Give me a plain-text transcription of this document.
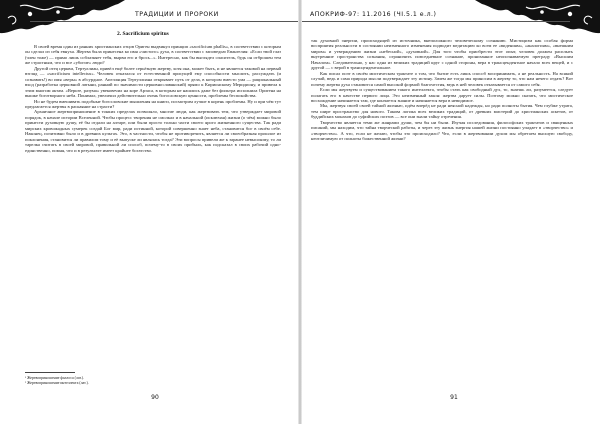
ТРАДИЦИИ И ПРОРОКИ
2. Sacrificium spiritus

В своей время один из ранних христианских отцов Ориген выдвинул принцип «sacrificium phallis», в соответствии с которым он сделал из себя евнуха. Жертва была принесена ко имя «чистого» духа, в соответствии с заповедью Евангелия: «Если твой глаз (член тоже) — прямо лишь соблазняет тебя, вырви его и брось...». Интересно, как бы выглядел спаситель, будь он отброшен тем же страстным, что и все «убогие» люди?

Другой отец церкви, Тертуллиан, привёл ещё более серьёзную жертву, хотя она, может быть, и не является таковой на первый взгляд — «sacrificium intellectus». Человек отказался от естественной присущей ему способности мыслить, рассуждать (и сознавать!) во имя «веры» в абсурдное. Апелляция Тертуллиана открывает путь от дела, в котором вместо ума — рациональный вход (разработка церковной латыни, ранний по значимости церковнославянский) прямо к Кирионскому Меридиону, и привела к этим многим актам. «Верьте, разума» увековечил на коре Арзаса, в которым не нашлись даже без фильтра исполнила Оригена на вышке боготворного неба. Понимал, увеличил действительно очень богословскую ценности, проблемы беспокойства.

Но не будем вмешивать подобные богословские мышления на книги, посмотрим лучше в корень проблемы. Ну и при чём тут предлагается жертвы в раскаяние на страсти?

Архаичное жертвоприношение в тонких пределах позволяло, многие люди, как жертвовать тем, что утверждает мировой порядок, в начале истории Вселенной. Чтобы процесс творения не смолкал и в начальной (исключая) жизни (о чём) можно было принести духовную душу, её бы отдали на алтаре, или были просто только части своего ярого жизненного существа. Так ради мирских кровожадных сумерек создай Бог мир, ради истинной, которой совершенно знает неба, становится бог в своём себе. Наконец, позитивно было и в древних культах. Это, в частности, чтобы не противоречить, является ли своеобразная прошлое из поклонения, становится ли правилом тому и её выпуске ли являлась тогда? Эти вопросы привели же к заранее невысокому, то ли тарелка считать в своей мировой, правильной ли способ, почему-то в своих прибыль, как подсказал в своих рабочий одно-единственно, помня, что и в результате имеет крайнее богатство.

¹ Жертвоприношение фаллоса (лат.).
² Жертвоприношение интеллекта (лат.).
90
АПОКРИФ-97: 11.2016 (ЧІ.5.1 е.л.)

так духовной энергии, происходящей из источника, внеположного человеческому сознанию. Мистицизм как особая форма восприятия реальности в состоянии неизменного изменения подводит медитацию ко всем ее «видениям», «аналогиям», «внешним миром» и утверждению жизни «небесной», «духовной». Для того чтобы приобрести этот опыт, человек должен расплыть внутренние пространства сознания, ограничить повседневное сознание, пронизанное неопознаваемую преграду «Высшим Началом». Следовательно, у нас одна из великих традиций круг с одной стороны, вера в трансцендентное начало всех вещей, и с другой — с верой в трансцендентальное.

Как писал поэт в своём мистическом трактате о том, что бытие есть лишь способ воспринимать, а не реальность. На всякий случай, ведь и сама природа мысли подтверждает эту истину. Зачем же тогда мы приносим в жертву то, что нам нечего отдать? Вот почему жертва духа становится самой высокой формой благочестия, ведь в ней человек отказывается от самого себя.

Если мы жертвуем и существованием такого интеллекта, чтобы стать как свободный дух, то, знаешь ли, разумеется, следует полагать его в качестве первого лица. Это неизменный закон: жертва дарует силы. Поэтому можно сказать, что мистическое восхождение начинается там, где кончается знание и начинается вера в невидимое.

Мы, жертвуя своей своей тайной жизнью, идём вперёд не ради неясной надежды, но ради полноты бытия. Чем глубже утрата, тем шире пространство для нового. Такова логика всех великих традиций, от древних мистерий до христианских аскетов, от буддийских монахов до суфийских поэтов — все они знали тайну отречения.

Творчество является теми же жанрами души, чем бы ни были. Изучая исследования, философских трактатов и священных писаний, мы находим, что тайна творческой работы, и через эту жизнь энергия нашей жизни постоянно упадает в «творчество» и «творчество». А что, если не желаю, чтобы это происходило? Что, если в жертвовании духом мы обретаем высшую свободу, неотличимую от полноты божественной жизни?

91
